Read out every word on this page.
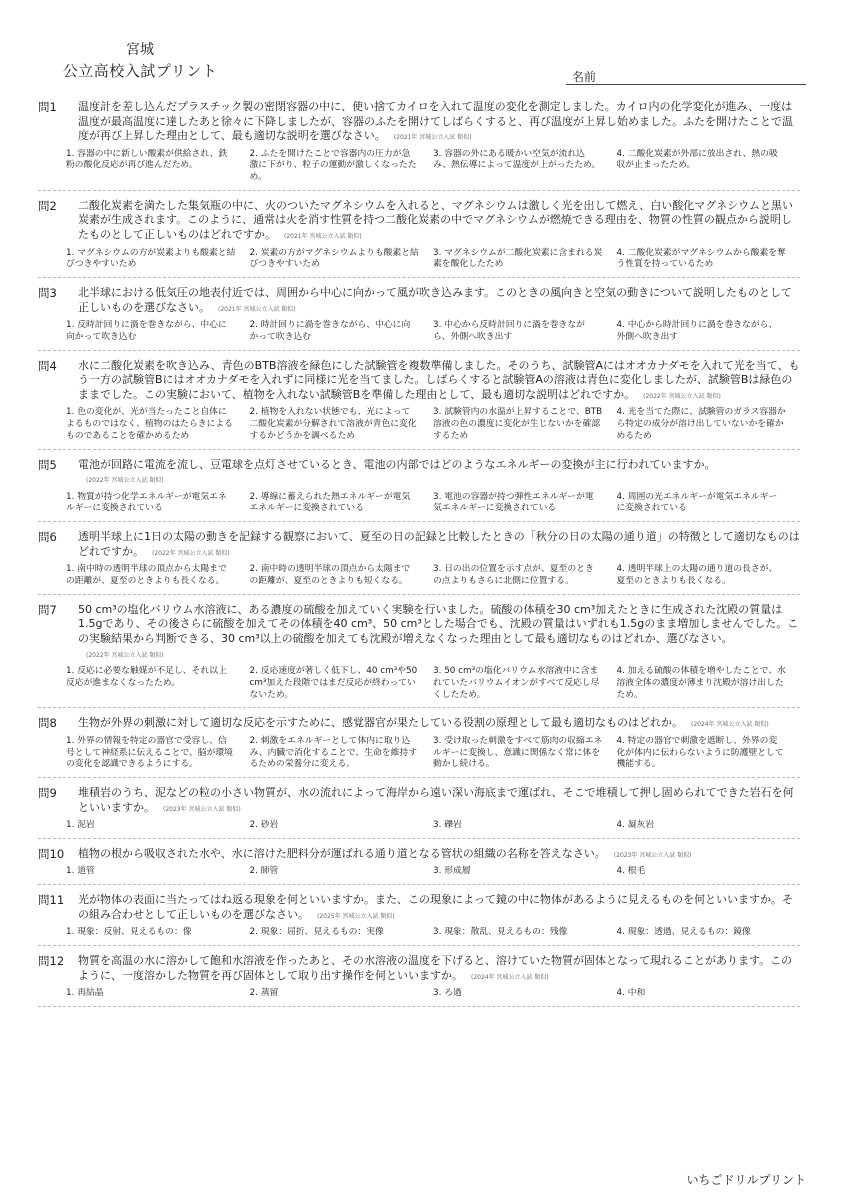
宮城
公立高校入試プリント	名前
問1	温度計を差し込んだプラスチック製の密閉容器の中に、使い捨てカイロを入れて温度の変化を測定しました。カイロ内の化学変化が進み、一度は温度が最高温度に達したあと徐々に下降しましたが、容器のふたを開けてしばらくすると、再び温度が上昇し始めました。ふたを開けたことで温度が再び上昇した理由として、最も適切な説明を選びなさい。 (2021年 宮城公立入試 類似)
1. 容器の中に新しい酸素が供給され、鉄粉の酸化反応が再び進んだため。
2. ふたを開けたことで容器内の圧力が急激に下がり、粒子の運動が激しくなったため。
3. 容器の外にある暖かい空気が流れ込み、熱伝導によって温度が上がったため。
4. 二酸化炭素が外部に放出され、熱の吸収が止まったため。
問2	二酸化炭素を満たした集気瓶の中に、火のついたマグネシウムを入れると、マグネシウムは激しく光を出して燃え、白い酸化マグネシウムと黒い炭素が生成されます。このように、通常は火を消す性質を持つ二酸化炭素の中でマグネシウムが燃焼できる理由を、物質の性質の観点から説明したものとして正しいものはどれですか。 (2021年 宮城公立入試 類似)
1. マグネシウムの方が炭素よりも酸素と結びつきやすいため
2. 炭素の方がマグネシウムよりも酸素と結びつきやすいため
3. マグネシウムが二酸化炭素に含まれる炭素を酸化したため
4. 二酸化炭素がマグネシウムから酸素を奪う性質を持っているため
問3	北半球における低気圧の地表付近では、周囲から中心に向かって風が吹き込みます。このときの風向きと空気の動きについて説明したものとして正しいものを選びなさい。 (2021年 宮城公立入試 類似)
1. 反時計回りに渦を巻きながら、中心に向かって吹き込む
2. 時計回りに渦を巻きながら、中心に向かって吹き込む
3. 中心から反時計回りに渦を巻きながら、外側へ吹き出す
4. 中心から時計回りに渦を巻きながら、外側へ吹き出す
問4	水に二酸化炭素を吹き込み、青色のBTB溶液を緑色にした試験管を複数準備しました。そのうち、試験管Aにはオオカナダモを入れて光を当て、もう一方の試験管Bにはオオカナダモを入れずに同様に光を当てました。しばらくすると試験管Aの溶液は青色に変化しましたが、試験管Bは緑色のままでした。この実験において、植物を入れない試験管Bを準備した理由として、最も適切な説明はどれですか。 (2022年 宮城公立入試 類似)
1. 色の変化が、光が当たったこと自体によるものではなく、植物のはたらきによるものであることを確かめるため
2. 植物を入れない状態でも、光によって二酸化炭素が分解されて溶液が青色に変化するかどうかを調べるため
3. 試験管内の水温が上昇することで、BTB溶液の色の濃度に変化が生じないかを確認するため
4. 光を当てた際に、試験管のガラス容器から特定の成分が溶け出していないかを確かめるため
問5	電池が回路に電流を流し、豆電球を点灯させているとき、電池の内部ではどのようなエネルギーの変換が主に行われていますか。(2022年 宮城公立入試 類似)
1. 物質が持つ化学エネルギーが電気エネルギーに変換されている
2. 導線に蓄えられた熱エネルギーが電気エネルギーに変換されている
3. 電池の容器が持つ弾性エネルギーが電気エネルギーに変換されている
4. 周囲の光エネルギーが電気エネルギーに変換されている
問6	透明半球上に1日の太陽の動きを記録する観察において、夏至の日の記録と比較したときの「秋分の日の太陽の通り道」の特徴として適切なものはどれですか。 (2022年 宮城公立入試 類似)
1. 南中時の透明半球の頂点から太陽までの距離が、夏至のときよりも長くなる。
2. 南中時の透明半球の頂点から太陽までの距離が、夏至のときよりも短くなる。
3. 日の出の位置を示す点が、夏至のときの点よりもさらに北側に位置する。
4. 透明半球上の太陽の通り道の長さが、夏至のときよりも長くなる。
問7	50 cm³の塩化バリウム水溶液に、ある濃度の硫酸を加えていく実験を行いました。硫酸の体積を30 cm³加えたときに生成された沈殿の質量は1.5gであり、その後さらに硫酸を加えてその体積を40 cm³、50 cm³とした場合でも、沈殿の質量はいずれも1.5gのまま増加しませんでした。この実験結果から判断できる、30 cm³以上の硫酸を加えても沈殿が増えなくなった理由として最も適切なものはどれか、選びなさい。(2022年 宮城公立入試 類似)
1. 反応に必要な触媒が不足し、それ以上反応が進まなくなったため。
2. 反応速度が著しく低下し、40 cm³や50 cm³加えた段階ではまだ反応が終わっていないため。
3. 50 cm³の塩化バリウム水溶液中に含まれていたバリウムイオンがすべて反応し尽くしたため。
4. 加える硫酸の体積を増やしたことで、水溶液全体の濃度が薄まり沈殿が溶け出したため。
問8	生物が外界の刺激に対して適切な反応を示すために、感覚器官が果たしている役割の原理として最も適切なものはどれか。 (2024年 宮城公立入試 類似)
1. 外界の情報を特定の器官で受容し、信号として神経系に伝えることで、脳が環境の変化を認識できるようにする。
2. 刺激をエネルギーとして体内に取り込み、内臓で消化することで、生命を維持するための栄養分に変える。
3. 受け取った刺激をすべて筋肉の収縮エネルギーに変換し、意識に関係なく常に体を動かし続ける。
4. 特定の器官で刺激を遮断し、外界の変化が体内に伝わらないように防護壁として機能する。
問9	堆積岩のうち、泥などの粒の小さい物質が、水の流れによって海岸から遠い深い海底まで運ばれ、そこで堆積して押し固められてできた岩石を何といいますか。 (2023年 宮城公立入試 類似)
1. 泥岩	2. 砂岩	3. 礫岩	4. 凝灰岩
問10	植物の根から吸収された水や、水に溶けた肥料分が運ばれる通り道となる管状の組織の名称を答えなさい。 (2023年 宮城公立入試 類似)
1. 道管	2. 師管	3. 形成層	4. 根毛
問11	光が物体の表面に当たってはね返る現象を何といいますか。また、この現象によって鏡の中に物体があるように見えるものを何といいますか。その組み合わせとして正しいものを選びなさい。 (2025年 宮城公立入試 類似)
1. 現象：反射、見えるもの：像	2. 現象：屈折、見えるもの：実像	3. 現象：散乱、見えるもの：残像	4. 現象：透過、見えるもの：鏡像
問12	物質を高温の水に溶かして飽和水溶液を作ったあと、その水溶液の温度を下げると、溶けていた物質が固体となって現れることがあります。このように、一度溶かした物質を再び固体として取り出す操作を何といいますか。 (2024年 宮城公立入試 類似)
1. 再結晶	2. 蒸留	3. ろ過	4. 中和
いちごドリルプリント
